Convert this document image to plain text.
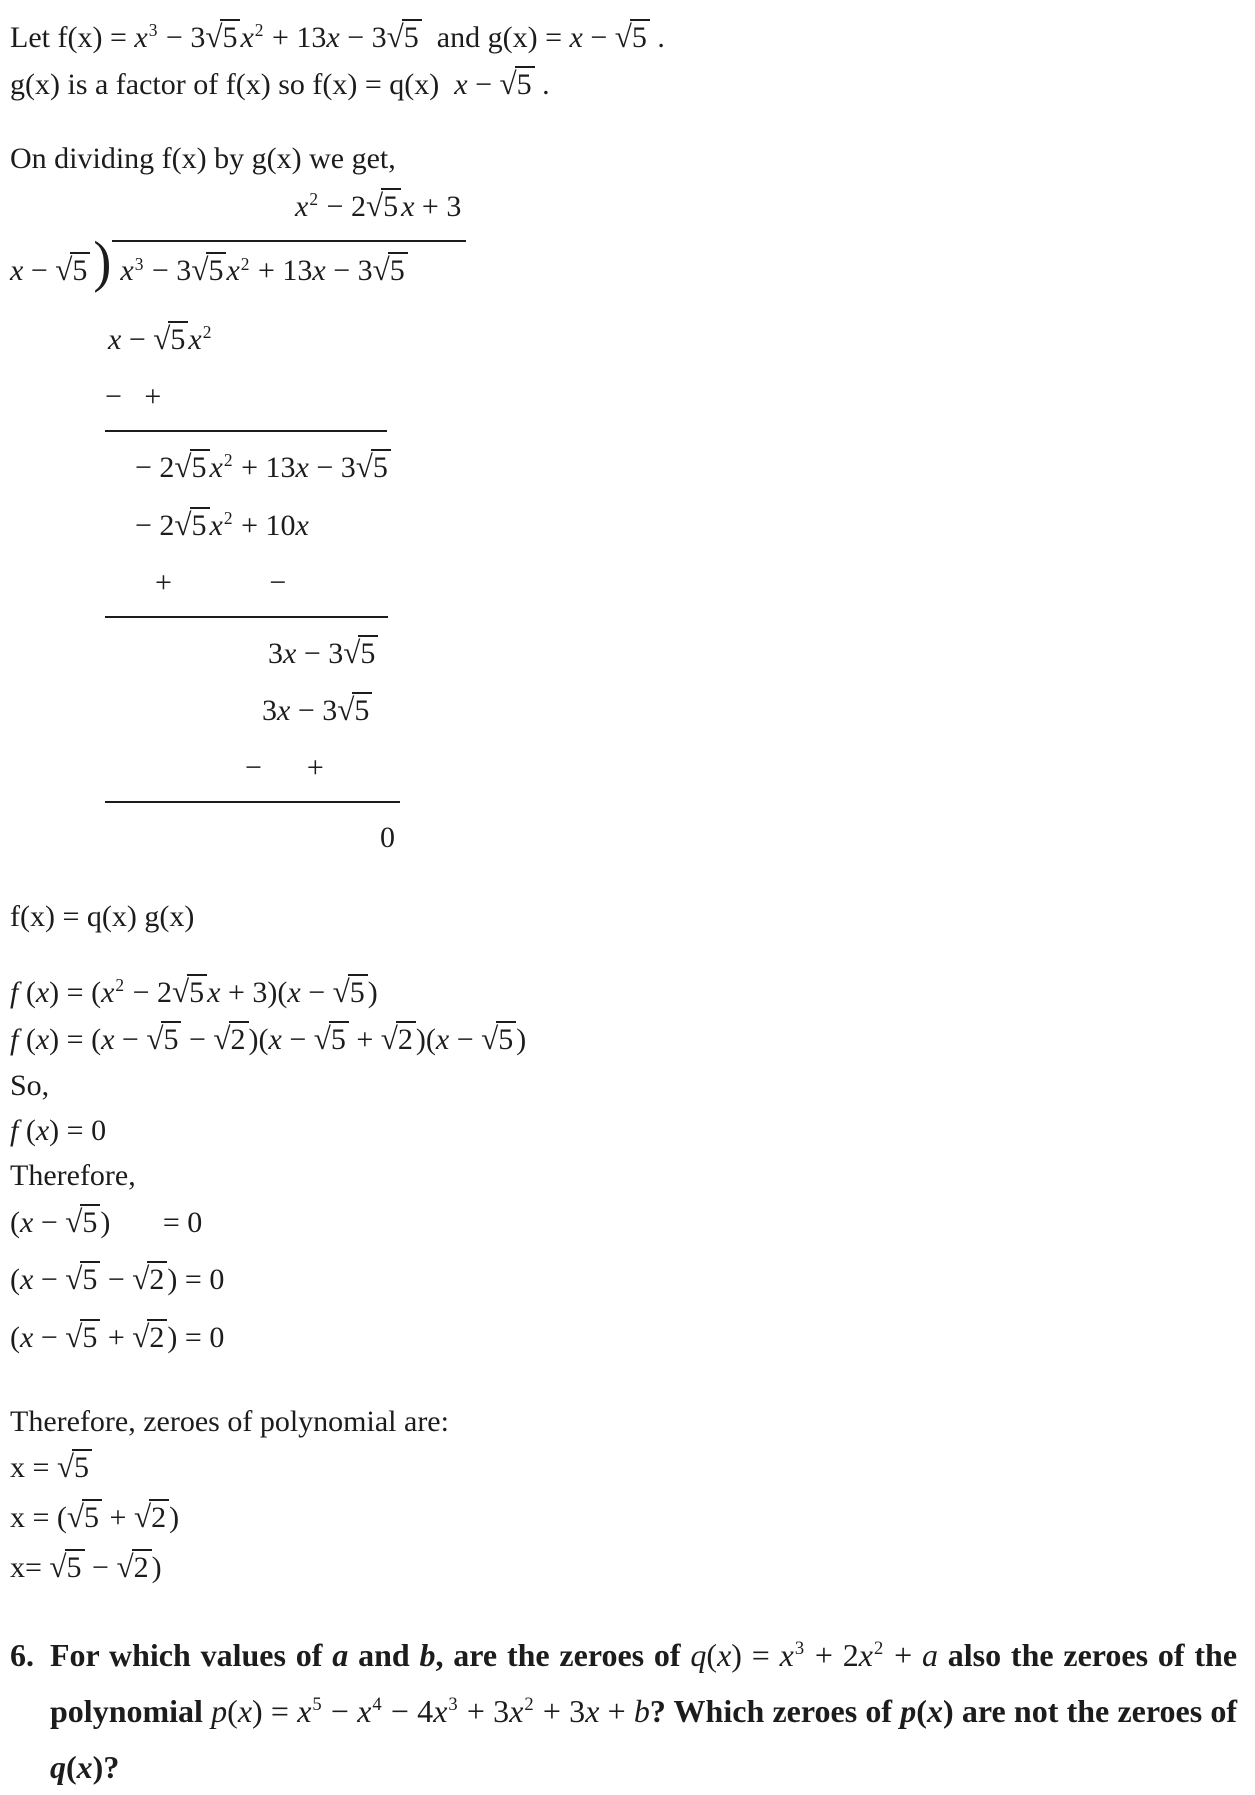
Let $f(x) = x^3 - 3√5$ $x^2 + 13x - 3√5$  and g(x) = x − √5 .
g(x) is a factor of f(x) so f(x) = q(x)  x − √5 .
On dividing f(x) by g(x) we get,
$x^2 - 2√5$ x + 3
x − √5 ) $x^3 - 3√5$ $x^2 + 13x - 3√5$
x − √5 $x^2$
−   +
− 2√5 $x^2 + 13x - 3√5$
− 2√5 $x^2 + 10x$
+             −
3x − 3√5
3x − 3√5
−      +
0
f(x) = q(x) g(x)
f $(x) = (x^2 - 2√5$ x + 3)(x − √5 )
f (x) = (x − √5 − √2 )(x − √5 + √2 )(x − √5 )
So,
f (x) = 0
Therefore,
(x − √5 )       = 0
(x − √5 − √2 ) = 0
(x − √5 + √2 ) = 0
Therefore, zeroes of polynomial are:
x = √5
x = (√5 + √2 )
x= √5 − √2 )
6. For which values of a and b, are the zeroes of $q(x) = x^3 + 2x^2 + a$ also the zeroes of the polynomial $p(x) = x^5 - x^4 - 4x^3 + 3x^2 + 3x + b$? Which zeroes of p(x) are not the zeroes of q(x)?
